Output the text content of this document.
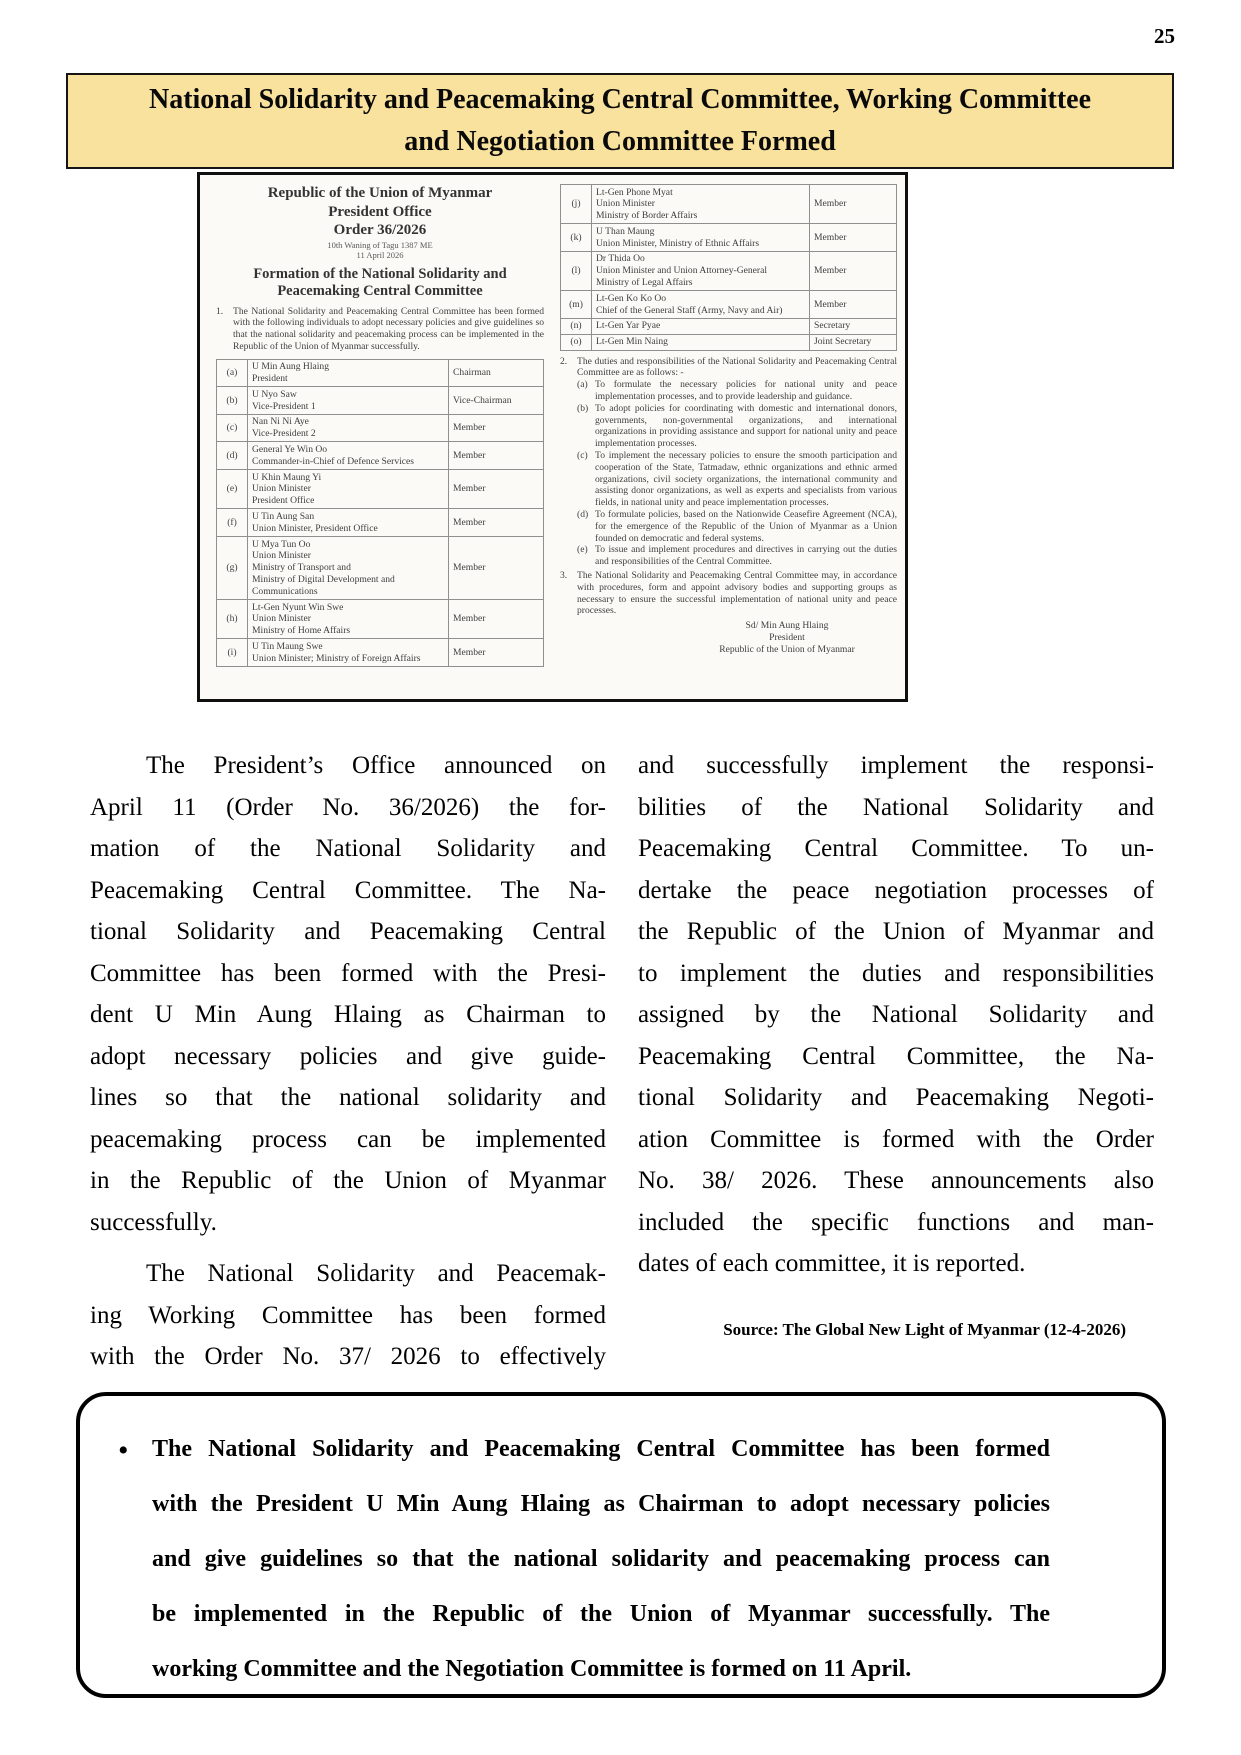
25
National Solidarity and Peacemaking Central Committee, Working Committee
and Negotiation Committee Formed
Republic of the Union of Myanmar
President Office
Order 36/2026
10th Waning of Tagu 1387 ME
11 April 2026
Formation of the National Solidarity and
Peacemaking Central Committee
1. The National Solidarity and Peacemaking Central Committee has been formed with the following individuals to adopt necessary policies and give guidelines so that the national solidarity and peacemaking process can be implemented in the Republic of the Union of Myanmar successfully.
(a)	U Min Aung Hlaing
President	Chairman
(b)	U Nyo Saw
Vice-President 1	Vice-Chairman
(c)	Nan Ni Ni Aye
Vice-President 2	Member
(d)	General Ye Win Oo
Commander-in-Chief of Defence Services	Member
(e)	U Khin Maung Yi
Union Minister
President Office	Member
(f)	U Tin Aung San
Union Minister, President Office	Member
(g)	U Mya Tun Oo
Union Minister
Ministry of Transport and
Ministry of Digital Development and
Communications	Member
(h)	Lt-Gen Nyunt Win Swe
Union Minister
Ministry of Home Affairs	Member
(i)	U Tin Maung Swe
Union Minister; Ministry of Foreign Affairs	Member
(j)	Lt-Gen Phone Myat
Union Minister
Ministry of Border Affairs	Member
(k)	U Than Maung
Union Minister, Ministry of Ethnic Affairs	Member
(l)	Dr Thida Oo
Union Minister and Union Attorney-General
Ministry of Legal Affairs	Member
(m)	Lt-Gen Ko Ko Oo
Chief of the General Staff (Army, Navy and Air)	Member
(n)	Lt-Gen Yar Pyae	Secretary
(o)	Lt-Gen Min Naing	Joint Secretary
2. The duties and responsibilities of the National Solidarity and Peacemaking Central Committee are as follows: -
(a) To formulate the necessary policies for national unity and peace implementation processes, and to provide leadership and guidance.
(b) To adopt policies for coordinating with domestic and international donors, governments, non-governmental organizations, and international organizations in providing assistance and support for national unity and peace implementation processes.
(c) To implement the necessary policies to ensure the smooth participation and cooperation of the State, Tatmadaw, ethnic organizations and ethnic armed organizations, civil society organizations, the international community and assisting donor organizations, as well as experts and specialists from various fields, in national unity and peace implementation processes.
(d) To formulate policies, based on the Nationwide Ceasefire Agreement (NCA), for the emergence of the Republic of the Union of Myanmar as a Union founded on democratic and federal systems.
(e) To issue and implement procedures and directives in carrying out the duties and responsibilities of the Central Committee.
3. The National Solidarity and Peacemaking Central Committee may, in accordance with procedures, form and appoint advisory bodies and supporting groups as necessary to ensure the successful implementation of national unity and peace processes.
Sd/ Min Aung Hlaing
President
Republic of the Union of Myanmar
The President’s Office announced on
April 11 (Order No. 36/2026) the for-
mation of the National Solidarity and
Peacemaking Central Committee. The Na-
tional Solidarity and Peacemaking Central
Committee has been formed with the Presi-
dent U Min Aung Hlaing as Chairman to
adopt necessary policies and give guide-
lines so that the national solidarity and
peacemaking process can be implemented
in the Republic of the Union of Myanmar
successfully.
The National Solidarity and Peacemak-
ing Working Committee has been formed
with the Order No. 37/ 2026 to effectively
and successfully implement the responsi-
bilities of the National Solidarity and
Peacemaking Central Committee. To un-
dertake the peace negotiation processes of
the Republic of the Union of Myanmar and
to implement the duties and responsibilities
assigned by the National Solidarity and
Peacemaking Central Committee, the Na-
tional Solidarity and Peacemaking Negoti-
ation Committee is formed with the Order
No. 38/ 2026. These announcements also
included the specific functions and man-
dates of each committee, it is reported.
Source: The Global New Light of Myanmar (12-4-2026)
• The National Solidarity and Peacemaking Central Committee has been formed
with the President U Min Aung Hlaing as Chairman to adopt necessary policies
and give guidelines so that the national solidarity and peacemaking process can
be implemented in the Republic of the Union of Myanmar successfully. The
working Committee and the Negotiation Committee is formed on 11 April.
